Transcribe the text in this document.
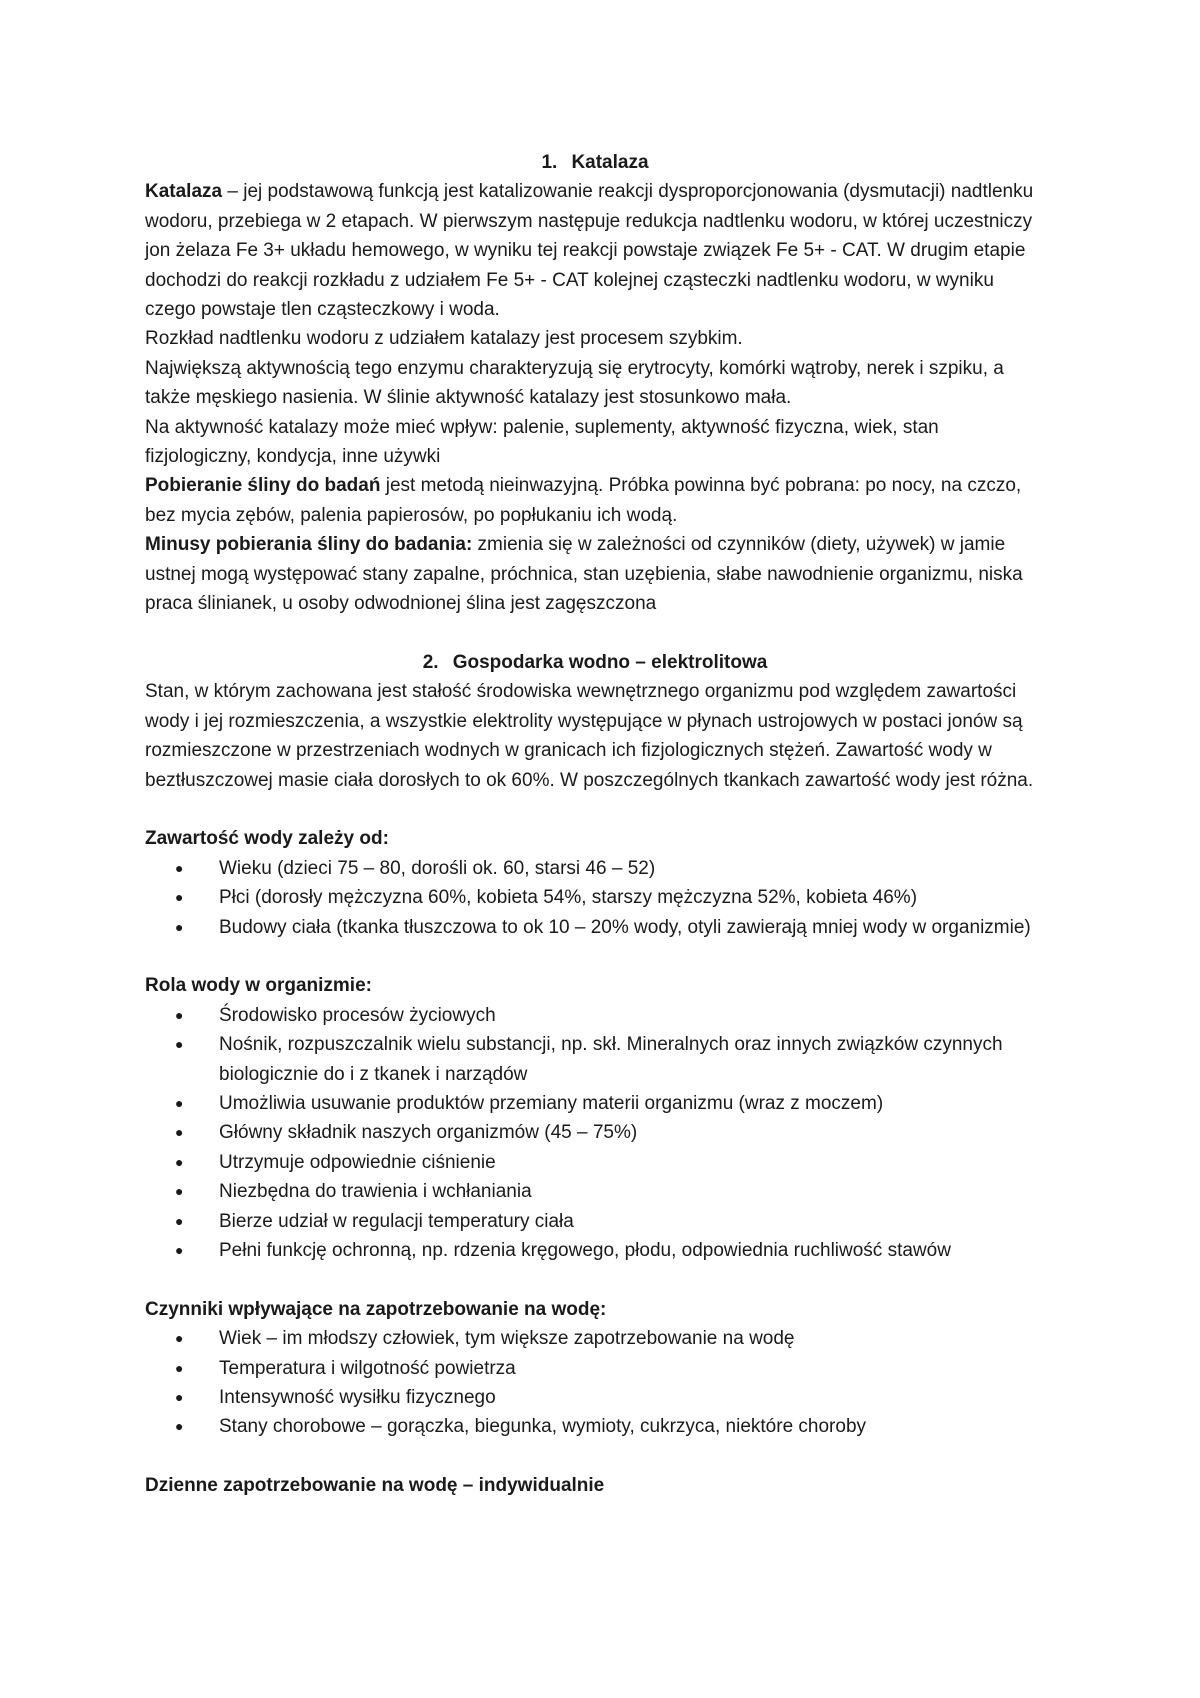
1. Katalaza

Katalaza – jej podstawową funkcją jest katalizowanie reakcji dysproporcjonowania (dysmutacji) nadtlenku wodoru, przebiega w 2 etapach. W pierwszym następuje redukcja nadtlenku wodoru, w której uczestniczy jon żelaza Fe 3+ układu hemowego, w wyniku tej reakcji powstaje związek Fe 5+ - CAT. W drugim etapie dochodzi do reakcji rozkładu z udziałem Fe 5+ - CAT kolejnej cząsteczki nadtlenku wodoru, w wyniku czego powstaje tlen cząsteczkowy i woda.

Rozkład nadtlenku wodoru z udziałem katalazy jest procesem szybkim.

Największą aktywnością tego enzymu charakteryzują się erytrocyty, komórki wątroby, nerek i szpiku, a także męskiego nasienia. W ślinie aktywność katalazy jest stosunkowo mała.

Na aktywność katalazy może mieć wpływ: palenie, suplementy, aktywność fizyczna, wiek, stan fizjologiczny, kondycja, inne używki

Pobieranie śliny do badań jest metodą nieinwazyjną. Próbka powinna być pobrana: po nocy, na czczo, bez mycia zębów, palenia papierosów, po popłukaniu ich wodą.

Minusy pobierania śliny do badania: zmienia się w zależności od czynników (diety, używek) w jamie ustnej mogą występować stany zapalne, próchnica, stan uzębienia, słabe nawodnienie organizmu, niska praca ślinianek, u osoby odwodnionej ślina jest zagęszczona

2. Gospodarka wodno – elektrolitowa

Stan, w którym zachowana jest stałość środowiska wewnętrznego organizmu pod względem zawartości wody i jej rozmieszczenia, a wszystkie elektrolity występujące w płynach ustrojowych w postaci jonów są rozmieszczone w przestrzeniach wodnych w granicach ich fizjologicznych stężeń. Zawartość wody w beztłuszczowej masie ciała dorosłych to ok 60%. W poszczególnych tkankach zawartość wody jest różna.

Zawartość wody zależy od:

● Wieku (dzieci 75 – 80, dorośli ok. 60, starsi 46 – 52)
● Płci (dorosły mężczyzna 60%, kobieta 54%, starszy mężczyzna 52%, kobieta 46%)
● Budowy ciała (tkanka tłuszczowa to ok 10 – 20% wody, otyli zawierają mniej wody w organizmie)

Rola wody w organizmie:

● Środowisko procesów życiowych
● Nośnik, rozpuszczalnik wielu substancji, np. skł. Mineralnych oraz innych związków czynnych biologicznie do i z tkanek i narządów
● Umożliwia usuwanie produktów przemiany materii organizmu (wraz z moczem)
● Główny składnik naszych organizmów (45 – 75%)
● Utrzymuje odpowiednie ciśnienie
● Niezbędna do trawienia i wchłaniania
● Bierze udział w regulacji temperatury ciała
● Pełni funkcję ochronną, np. rdzenia kręgowego, płodu, odpowiednia ruchliwość stawów

Czynniki wpływające na zapotrzebowanie na wodę:

● Wiek – im młodszy człowiek, tym większe zapotrzebowanie na wodę
● Temperatura i wilgotność powietrza
● Intensywność wysiłku fizycznego
● Stany chorobowe – gorączka, biegunka, wymioty, cukrzyca, niektóre choroby

Dzienne zapotrzebowanie na wodę – indywidualnie
